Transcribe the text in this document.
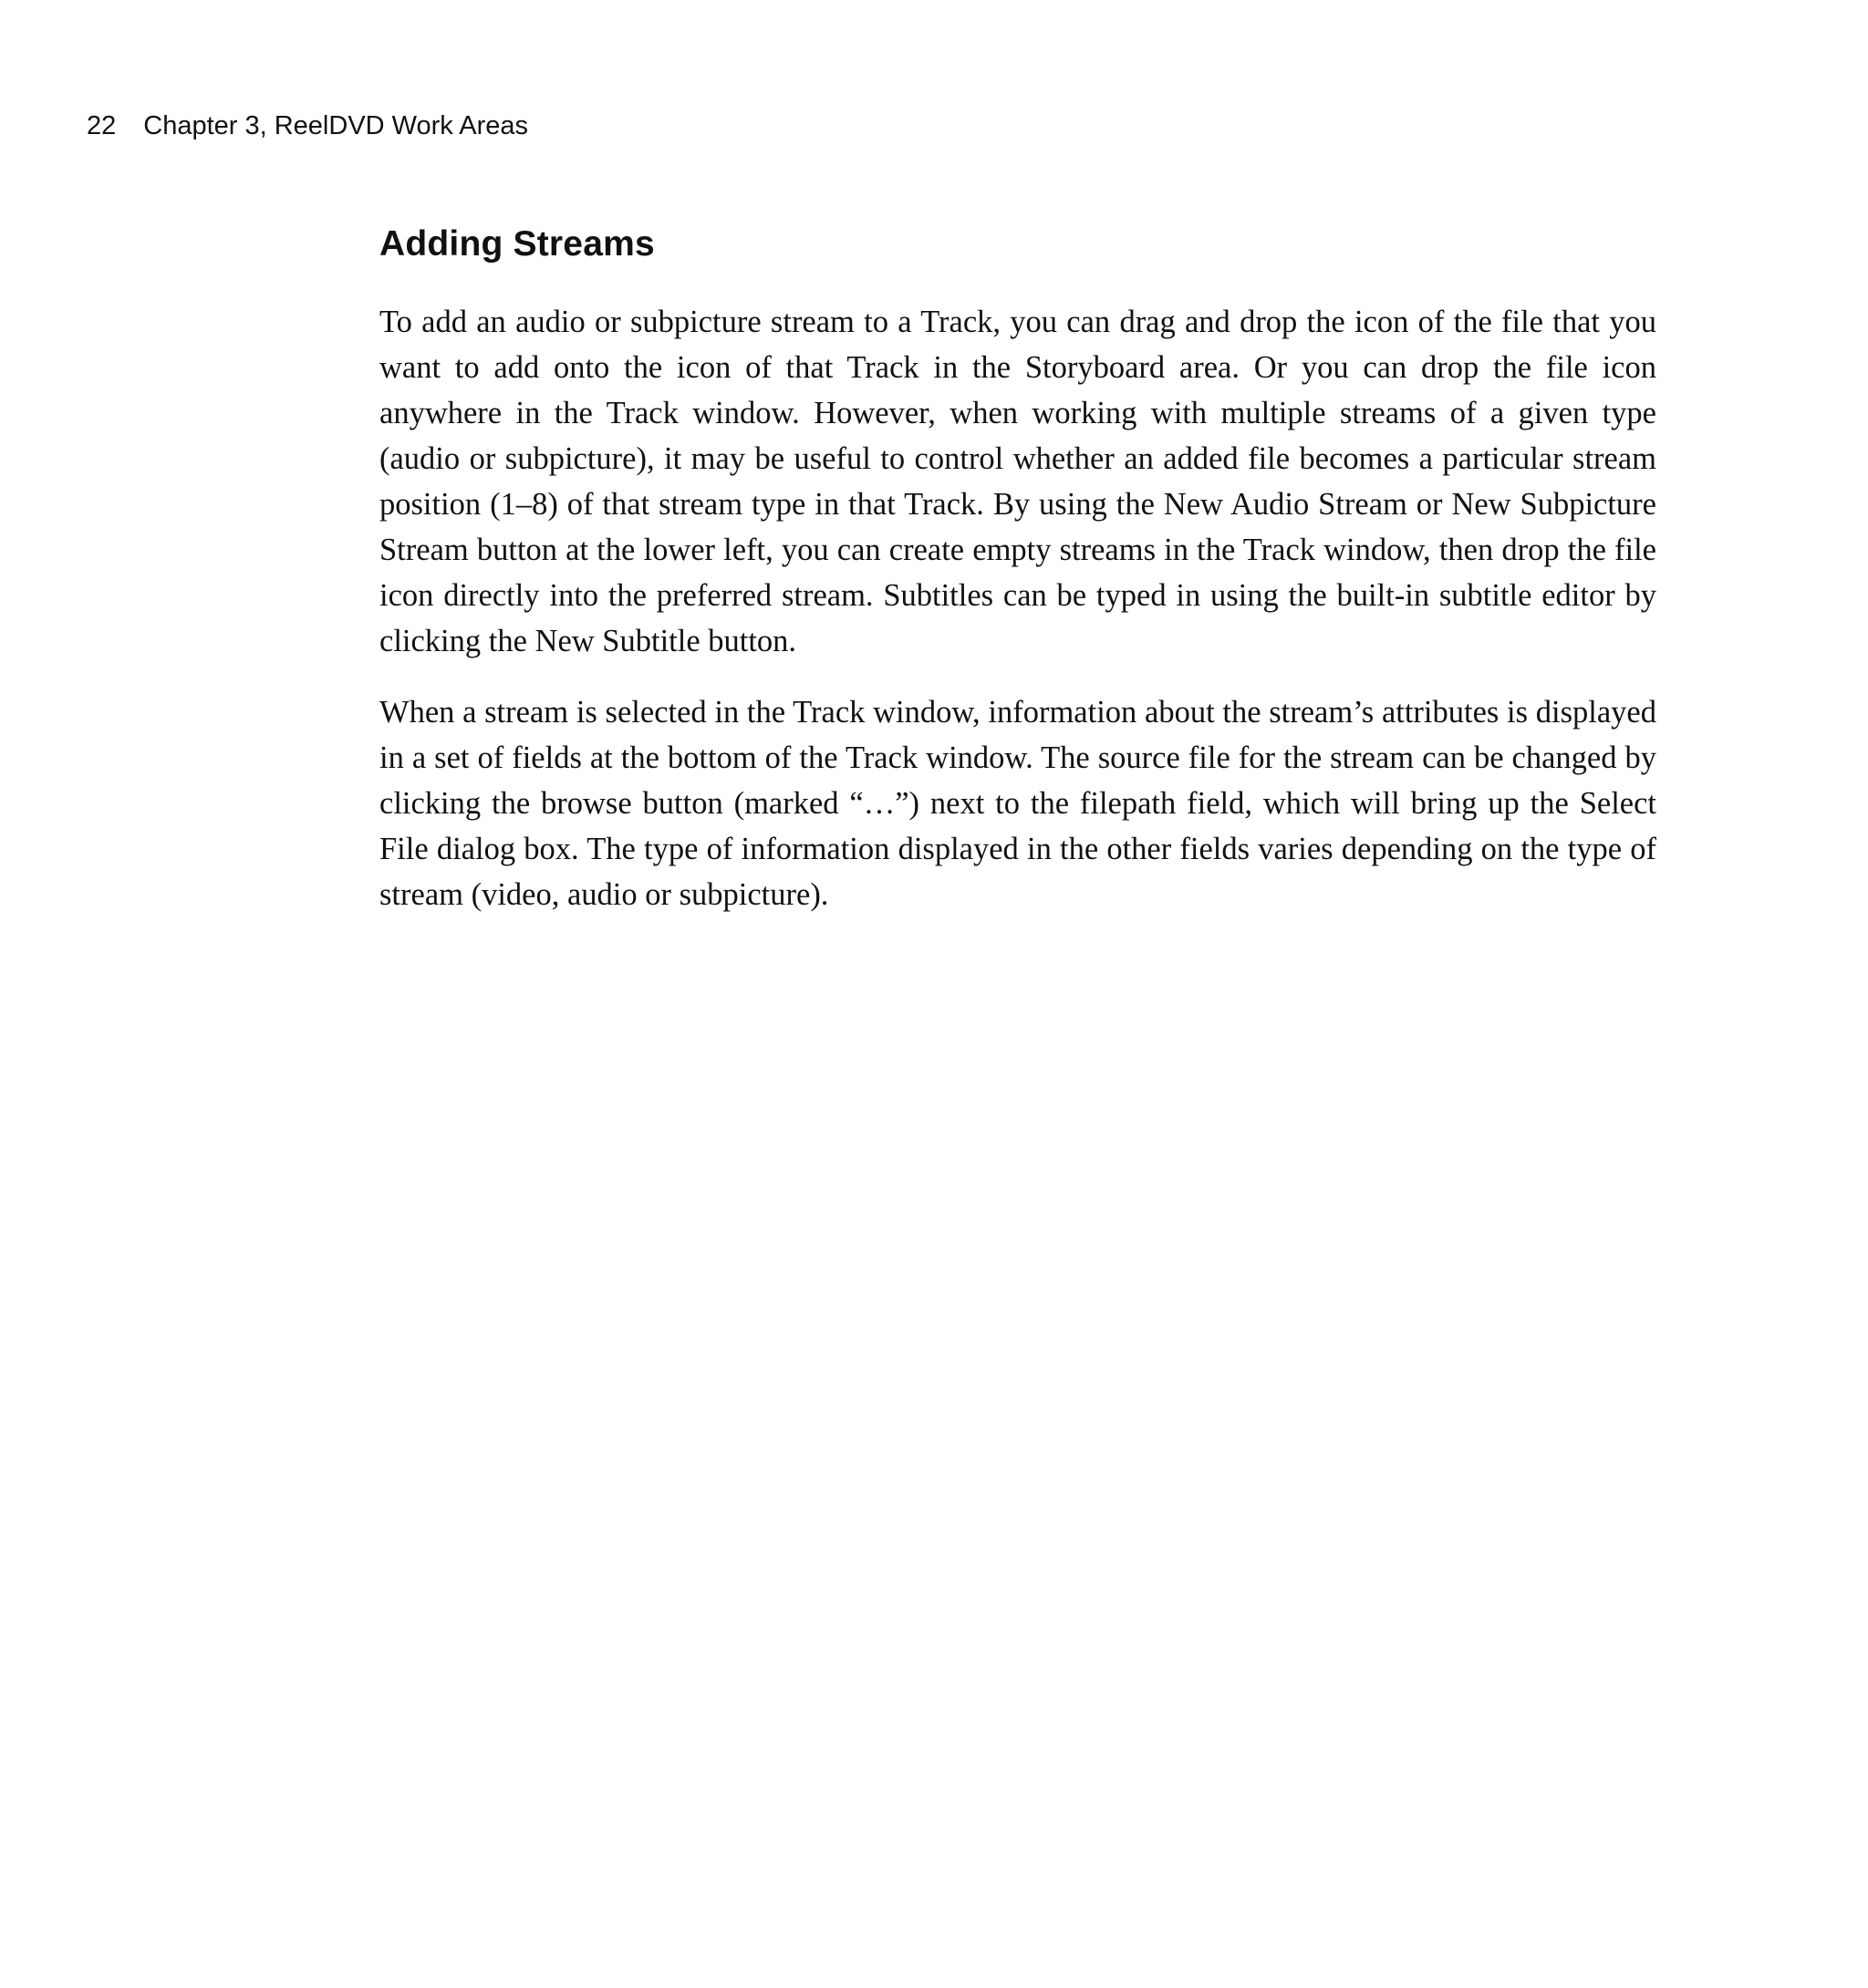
22 Chapter 3, ReelDVD Work Areas
Adding Streams

To add an audio or subpicture stream to a Track, you can drag and drop the icon of the file that you want to add onto the icon of that Track in the Storyboard area. Or you can drop the file icon anywhere in the Track window. However, when working with multiple streams of a given type (audio or subpicture), it may be useful to control whether an added file becomes a particular stream position (1–8) of that stream type in that Track. By using the New Audio Stream or New Subpicture Stream button at the lower left, you can create empty streams in the Track window, then drop the file icon directly into the preferred stream. Subtitles can be typed in using the built-in subtitle editor by clicking the New Subtitle button.

When a stream is selected in the Track window, information about the stream’s attributes is displayed in a set of fields at the bottom of the Track window. The source file for the stream can be changed by clicking the browse button (marked “…”) next to the filepath field, which will bring up the Select File dialog box. The type of information displayed in the other fields varies depending on the type of stream (video, audio or subpicture).
